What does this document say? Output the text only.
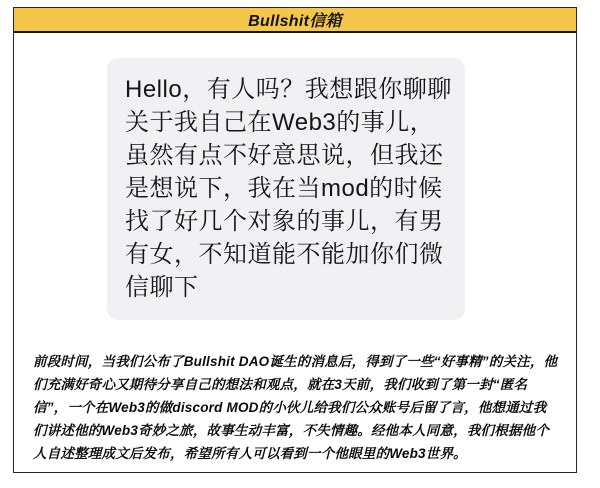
Bullshit信箱
Hello，有人吗？我想跟你聊聊
关于我自己在Web3的事儿，
虽然有点不好意思说，但我还
是想说下，我在当mod的时候
找了好几个对象的事儿，有男
有女，不知道能不能加你们微
信聊下
前段时间，当我们公布了Bullshit DAO诞生的消息后，得到了一些“好事精”的关注，他
们充满好奇心又期待分享自己的想法和观点，就在3天前，我们收到了第一封“匿名
信”，一个在Web3的做discord MOD的小伙儿给我们公众账号后留了言，他想通过我
们讲述他的Web3奇妙之旅，故事生动丰富，不失情趣。经他本人同意，我们根据他个
人自述整理成文后发布，希望所有人可以看到一个他眼里的Web3世界。
